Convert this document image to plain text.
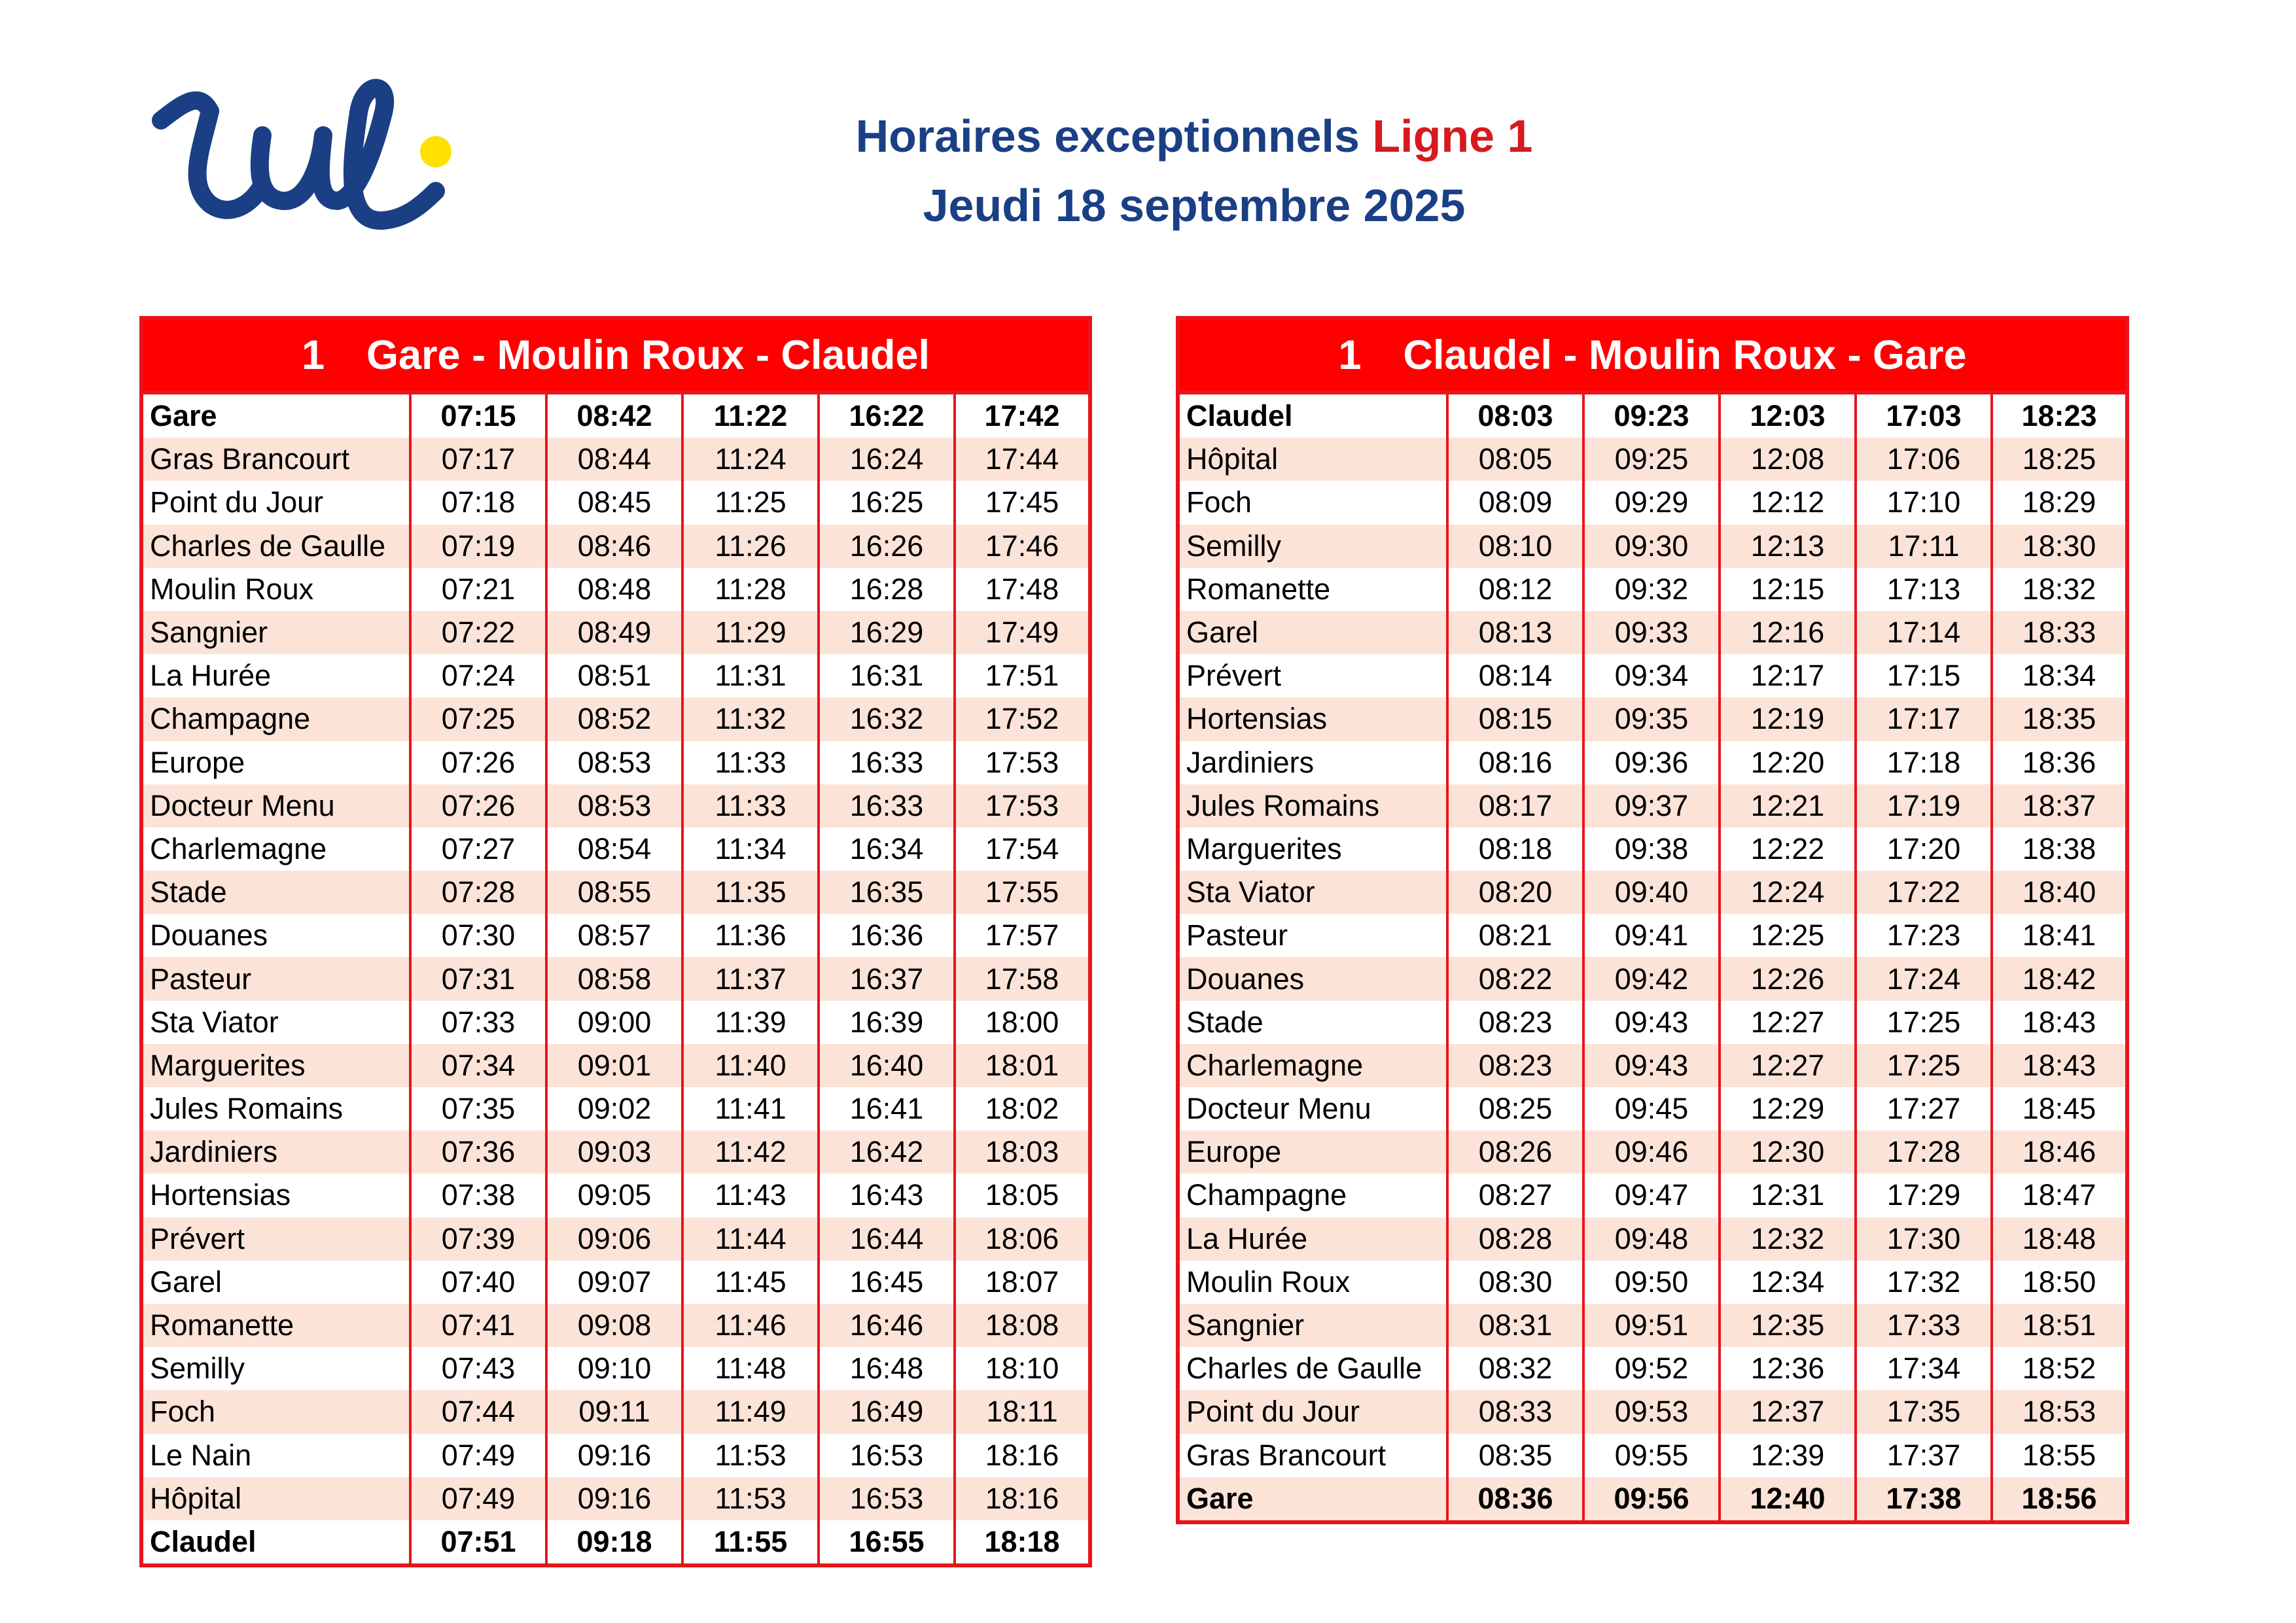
Horaires exceptionnels Ligne 1
Jeudi 18 septembre 2025
1 Gare - Moulin Roux - Claudel					
Gare	07:15	08:42	11:22	16:22	17:42
Gras Brancourt	07:17	08:44	11:24	16:24	17:44
Point du Jour	07:18	08:45	11:25	16:25	17:45
Charles de Gaulle	07:19	08:46	11:26	16:26	17:46
Moulin Roux	07:21	08:48	11:28	16:28	17:48
Sangnier	07:22	08:49	11:29	16:29	17:49
La Hurée	07:24	08:51	11:31	16:31	17:51
Champagne	07:25	08:52	11:32	16:32	17:52
Europe	07:26	08:53	11:33	16:33	17:53
Docteur Menu	07:26	08:53	11:33	16:33	17:53
Charlemagne	07:27	08:54	11:34	16:34	17:54
Stade	07:28	08:55	11:35	16:35	17:55
Douanes	07:30	08:57	11:36	16:36	17:57
Pasteur	07:31	08:58	11:37	16:37	17:58
Sta Viator	07:33	09:00	11:39	16:39	18:00
Marguerites	07:34	09:01	11:40	16:40	18:01
Jules Romains	07:35	09:02	11:41	16:41	18:02
Jardiniers	07:36	09:03	11:42	16:42	18:03
Hortensias	07:38	09:05	11:43	16:43	18:05
Prévert	07:39	09:06	11:44	16:44	18:06
Garel	07:40	09:07	11:45	16:45	18:07
Romanette	07:41	09:08	11:46	16:46	18:08
Semilly	07:43	09:10	11:48	16:48	18:10
Foch	07:44	09:11	11:49	16:49	18:11
Le Nain	07:49	09:16	11:53	16:53	18:16
Hôpital	07:49	09:16	11:53	16:53	18:16
Claudel	07:51	09:18	11:55	16:55	18:18
1 Claudel - Moulin Roux - Gare					
Claudel	08:03	09:23	12:03	17:03	18:23
Hôpital	08:05	09:25	12:08	17:06	18:25
Foch	08:09	09:29	12:12	17:10	18:29
Semilly	08:10	09:30	12:13	17:11	18:30
Romanette	08:12	09:32	12:15	17:13	18:32
Garel	08:13	09:33	12:16	17:14	18:33
Prévert	08:14	09:34	12:17	17:15	18:34
Hortensias	08:15	09:35	12:19	17:17	18:35
Jardiniers	08:16	09:36	12:20	17:18	18:36
Jules Romains	08:17	09:37	12:21	17:19	18:37
Marguerites	08:18	09:38	12:22	17:20	18:38
Sta Viator	08:20	09:40	12:24	17:22	18:40
Pasteur	08:21	09:41	12:25	17:23	18:41
Douanes	08:22	09:42	12:26	17:24	18:42
Stade	08:23	09:43	12:27	17:25	18:43
Charlemagne	08:23	09:43	12:27	17:25	18:43
Docteur Menu	08:25	09:45	12:29	17:27	18:45
Europe	08:26	09:46	12:30	17:28	18:46
Champagne	08:27	09:47	12:31	17:29	18:47
La Hurée	08:28	09:48	12:32	17:30	18:48
Moulin Roux	08:30	09:50	12:34	17:32	18:50
Sangnier	08:31	09:51	12:35	17:33	18:51
Charles de Gaulle	08:32	09:52	12:36	17:34	18:52
Point du Jour	08:33	09:53	12:37	17:35	18:53
Gras Brancourt	08:35	09:55	12:39	17:37	18:55
Gare	08:36	09:56	12:40	17:38	18:56
